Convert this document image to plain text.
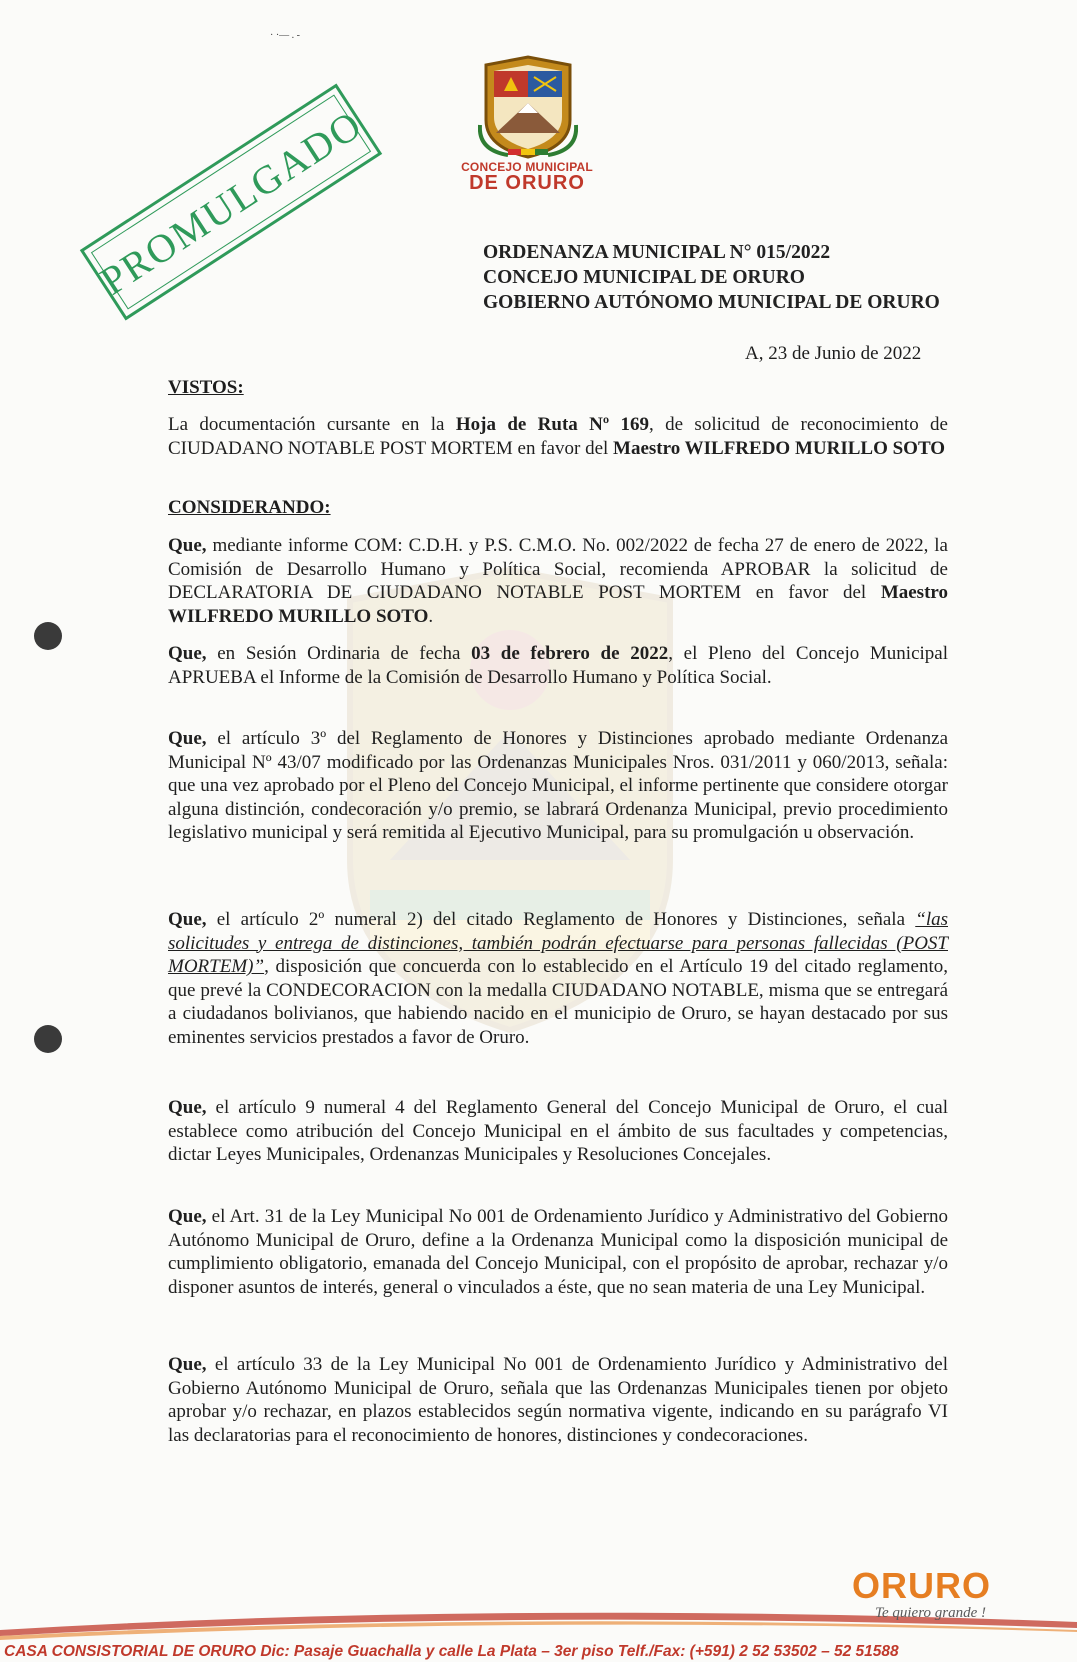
· ·— . -
CONCEJO MUNICIPAL
DE ORURO
PROMULGADO	ORDENANZA MUNICIPAL N° 015/2022
CONCEJO MUNICIPAL DE ORURO
GOBIERNO AUTÓNOMO MUNICIPAL DE ORURO
A, 23 de Junio de 2022
VISTOS:
La documentación cursante en la Hoja de Ruta Nº 169, de solicitud de reconocimiento de CIUDADANO NOTABLE POST MORTEM en favor del Maestro WILFREDO MURILLO SOTO
CONSIDERANDO:
Que, mediante informe COM: C.D.H. y P.S. C.M.O. No. 002/2022 de fecha 27 de enero de 2022, la Comisión de Desarrollo Humano y Política Social, recomienda APROBAR la solicitud de DECLARATORIA DE CIUDADANO NOTABLE POST MORTEM en favor del Maestro WILFREDO MURILLO SOTO.
Que, en Sesión Ordinaria de fecha 03 de febrero de 2022, el Pleno del Concejo Municipal APRUEBA el Informe de la Comisión de Desarrollo Humano y Política Social.
Que, el artículo 3º del Reglamento de Honores y Distinciones aprobado mediante Ordenanza Municipal Nº 43/07 modificado por las Ordenanzas Municipales Nros. 031/2011 y 060/2013, señala: que una vez aprobado por el Pleno del Concejo Municipal, el informe pertinente que considere otorgar alguna distinción, condecoración y/o premio, se labrará Ordenanza Municipal, previo procedimiento legislativo municipal y será remitida al Ejecutivo Municipal, para su promulgación u observación.
Que, el artículo 2º numeral 2) del citado Reglamento de Honores y Distinciones, señala “las solicitudes y entrega de distinciones, también podrán efectuarse para personas fallecidas (POST MORTEM)”, disposición que concuerda con lo establecido en el Artículo 19 del citado reglamento, que prevé la CONDECORACION con la medalla CIUDADANO NOTABLE, misma que se entregará a ciudadanos bolivianos, que habiendo nacido en el municipio de Oruro, se hayan destacado por sus eminentes servicios prestados a favor de Oruro.
Que, el artículo 9 numeral 4 del Reglamento General del Concejo Municipal de Oruro, el cual establece como atribución del Concejo Municipal en el ámbito de sus facultades y competencias, dictar Leyes Municipales, Ordenanzas Municipales y Resoluciones Concejales.
Que, el Art. 31 de la Ley Municipal No 001 de Ordenamiento Jurídico y Administrativo del Gobierno Autónomo Municipal de Oruro, define a la Ordenanza Municipal como la disposición municipal de cumplimiento obligatorio, emanada del Concejo Municipal, con el propósito de aprobar, rechazar y/o disponer asuntos de interés, general o vinculados a éste, que no sean materia de una Ley Municipal.
Que, el artículo 33 de la Ley Municipal No 001 de Ordenamiento Jurídico y Administrativo del Gobierno Autónomo Municipal de Oruro, señala que las Ordenanzas Municipales tienen por objeto aprobar y/o rechazar, en plazos establecidos según normativa vigente, indicando en su parágrafo VI las declaratorias para el reconocimiento de honores, distinciones y condecoraciones.
ORURO
Te quiero grande !
CASA CONSISTORIAL DE ORURO Dic: Pasaje Guachalla y calle La Plata – 3er piso Telf./Fax: (+591) 2 52 53502 – 52 51588
